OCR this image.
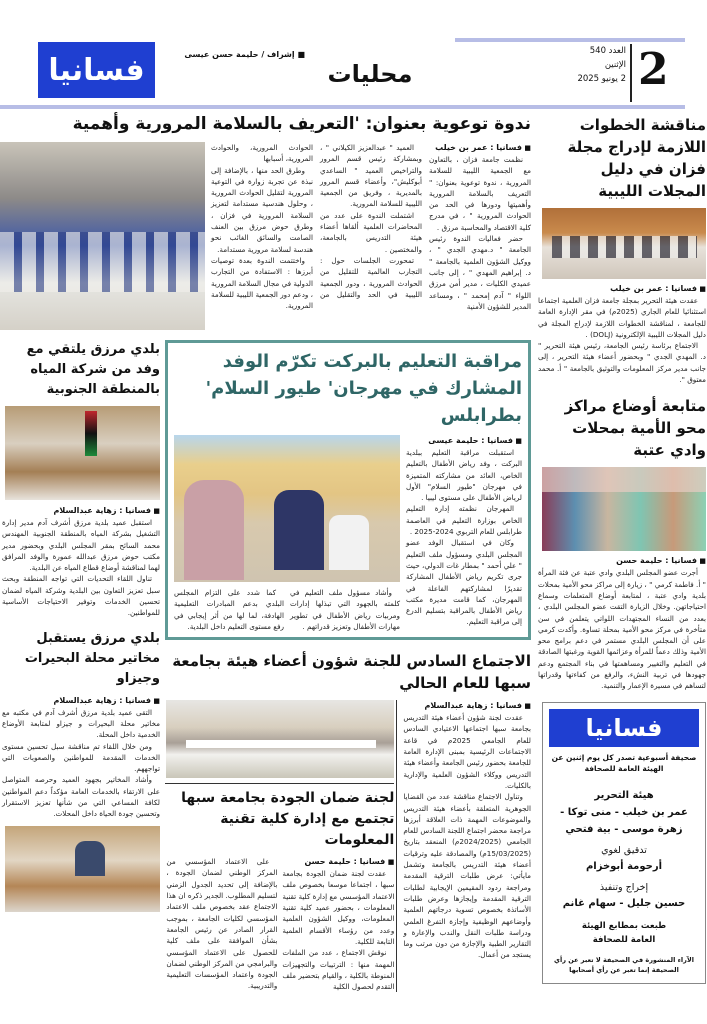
2
العدد 540
الإثنين
2 يونيو 2025
محليات
■ إشراف / حليمة حسن عيسى
فسانيا
مناقشة الخطوات اللازمة لإدراج مجلة فزان في دليل المجلات الليبية

■ فسانيا : عمر بن خيلب

عقدت هيئة التحرير بمجلة جامعة فزان العلمية اجتماعا استثنائيا للعام الجاري (2025م) في مقر الإدارة العامة للجامعة ، لمناقشة الخطوات اللازمة لإدراج المجلة في دليل المجلات الليبية الإلكترونية (DOLJ) .

الاجتماع برئاسة رئيس الجامعة، رئيس هيئة التحرير " د. المهدي الجدي " وبحضور أعضاء هيئة التحرير ، إلى جانب مدير مركز المعلومات والتوثيق بالجامعة " أ. محمد معتوق ".

متابعة أوضاع مراكز محو الأمية بمحلات وادي عتبة

■ فسانيا : حليمة حسن

أجرت عضو المجلس البلدي وادي عتبة عن فئة المرأة " أ. فاطمة كرمي " ، زيارة إلى مراكز محو الأمية بمحلات بلدية وادي عتبة ، لمتابعة أوضاع المتعلمات وسماع احتياجاتهن. وخلال الزيارة التقت عضو المجلس البلدي ، بعدد من النساء المجتهدات اللواتي يتعلمن في سن متأخرة في مركز محو الأمية بمحلة تساوة. وأكدت كرمي على أن المجلس البلدي مستمر في دعم برامج محو الأمية وذلك دعماً للمرأة وعزائمها القوية ورغبتها الصادقة في التعليم والتغيير ومساهمتها في بناء المجتمع ودعم جهودها في تربية النشء، والرفع من كفاءتها وقدراتها لتساهم في مسيرة الإعمار والتنمية.

فسانيا
صحيفة أسبوعية تصدر كل يوم إثنين عن الهيئة العامة للصحافة
هيئة التحرير
عمر بن خيلب - منى توكا -
زهرة موسى - بية فتحي
تدقيق لغوي
أرحومة أبوخزام
إخراج وتنفيذ
حسين جليل - سهام غانم
طبعت بمطابع الهيئة
العامة للصحافة
الآراء المنشورة في الصحيفة لا تعبر عن رأي الصحيفة إنما تعبر عن رأي أصحابها
ندوة توعوية بعنوان: 'التعريف بالسلامة المرورية وأهمية

■ فسانيا : عمر بن خيلب

نظمت جامعة فزان ، بالتعاون مع الجمعية الليبية للسلامة المرورية ، ندوة توعوية بعنوان: " التعريف بالسلامة المرورية وأهميتها ودورها في الحد من الحوادث المرورية " ، في مدرج كلية الاقتصاد والمحاسبة مرزق .

حضر فعاليات الندوة رئيس الجامعة " د.مهدي الجدي " ، ووكيل الشؤون العلمية بالجامعة " د. إبراهيم المهدي " ، إلى جانب عميدي الكليات ، مدير أمن مرزق اللواء " آدم إمحمد " ، ومساعد المدير للشؤون الأمنية

العميد " عبدالعزيز الكيلاني " ، وبمشاركة رئيس قسم المرور والتراخيص العميد " الساعدي أبوكليش"، وأعضاء قسم المرور بالمديرية ، وفريق من الجمعية الليبية للسلامة المرورية.

اشتملت الندوة على عدد من المحاضرات العلمية ألقاها أعضاء هيئة التدريس بالجامعة، والمختصين .

تمحورت الجلسات حول : التجارب العالمية للتقليل من الحوادث المرورية ، ودور الجمعية الليبية في الحد والتقليل من الحوادث المرورية، والحوادث المرورية، أسبابها

وطرق الحد منها ، بالإضافة إلى نبذة عن تجربة زوارة في التوعية المرورية لتقليل الحوادث المرورية ، وحلول هندسية مستدامة لتعزيز السلامة المرورية في فزان ، وطرق حوض مرزق بين العنف الصامت والسائق الغائب نحو هندسة لسلامة مرورية مستدامة.

واختتمت الندوة بعدة توصيات أبرزها : الاستفادة من التجارب الدولية في مجال السلامة المرورية ، ودعم دور الجمعية الليبية للسلامة المرورية.

مراقبة التعليم بالبركت تكرّم الوفد المشارك في مهرجان' طيور السلام' بطرابلس

■ فسانيا : حليمة عيسى

استقبلت مراقبة التعليم ببلدية البركت ، وفد رياض الأطفال بالتعليم الخاص، العائد من مشاركته المتميزة في مهرجان "طيور السلام" الأول لرياض الأطفال على مستوى ليبيا .

المهرجان نظمته إدارة التعليم الخاص بوزارة التعليم في العاصمة طرابلس للعام التربوي 2024-2025 .

وكان في استقبال الوفد عضو المجلس البلدي ومسؤول ملف التعليم " علي أحمد " بمطار غات الدولي، حيث جرى تكريم رياض الأطفال المشاركة تقديرًا لمشاركتهم الفاعلة في المهرجان، كما قامت مديرة مكتب رياض الأطفال بالمراقبة بتسليم الدرع إلى مراقبة التعليم.

وأشاد مسؤول ملف التعليم في كلمته بالجهود التي تبذلها إدارات ومربيات رياض الأطفال في تطوير مهارات الأطفال وتعزيز قدراتهم .

كما شدد على التزام المجلس البلدي بدعم المبادرات التعليمية الهادفة، لما لها من أثر إيجابي في رفع مستوى التعليم داخل البلدية.

الاجتماع السادس للجنة شؤون أعضاء هيئة بجامعة سبها للعام الحالي

■ فسانيا : زهاية عبدالسلام

عقدت لجنة شؤون أعضاء هيئة التدريس بجامعة سبها اجتماعها الاعتيادي السادس للعام الجامعي 2025م في قاعة الاجتماعات الرئيسية بمبنى الإدارة العامة للجامعة بحضور رئيس الجامعة وأعضاء هيئة التدريس ووكلاء الشؤون العلمية والإدارية بالكليات.

وتناول الاجتماع مناقشة عدد من القضايا الجوهرية المتعلقة بأعضاء هيئة التدريس والموضوعات المهمة ذات العلاقة أبرزها مراجعة محضر اجتماع اللجنة السادس للعام الجامعي (2024/2025م) المنعقد بتاريخ (15/03/2025م) والمصادقة عليه وترقيات أعضاء هيئة التدريس بالجامعة وتشمل مايأتي: عرض طلبات الترقية المقدمة ومراجعة ردود المقيمين الإيجابية لطلبات الترقية المقدمة وإيجازها وعرض طلبات الأساتذة بخصوص تسوية درجاتهم العلمية وأوضاعهم الوظيفية وإجازة التفرغ العلمي ودراسة طلبات النقل والندب والإعارة و التقارير الطبية والإجازة من دون مرتب وما يستجد من أعمال.

لجنة ضمان الجودة بجامعة سبها تجتمع مع إدارة كلية تقنية المعلومات

■ فسانيا : حليمة حسن

عقدت لجنة ضمان الجودة بجامعة سبها ، اجتماعا موسعا بخصوص ملف الاعتماد المؤسسي مع إدارة كلية تقنية المعلومات ، بحضور عميد كلية تقنية المعلومات، ووكيل الشؤون العلمية وعدد من رؤساء الأقسام العلمية التابعة للكلية.

نوقش الاجتماع ، عدد من الملفات المهمة منها : الترتيبات والتجهيزات المنوطة بالكلية ، والقيام بتحضير ملف التقدم لحصول الكلية

على الاعتماد المؤسسي من المركز الوطني لضمان الجودة ، بالإضافة إلى تحديد الجدول الزمني لتسليم المطلوب. الجدير ذكره ان هذا الاجتماع عقد بخصوص ملف الاعتماد المؤسسي لكليات الجامعة ، بموجب القرار الصادر عن رئيس الجامعة بشأن الموافقة على ملف كلية للحصول على الاعتماد المؤسسي والبرامجي من المركز الوطني لضمان الجودة واعتماد المؤسسات التعليمية والتدريبية.

بلدي مرزق يلتقي مع وفد من شركة المياه بالمنطقة الجنوبية

■ فسانيا : زهاية عبدالسلام

استقبل عميد بلدية مرزق أشرف آدم مدير إدارة التشغيل بشركة المياه بالمنطقة الجنوبية المهندس محمد السائح بمقر المجلس البلدي وبحضور مدير مكتب حوض مرزق عبدالله عمورة والوفد المرافق لهما لمناقشة أوضاع قطاع المياه عن البلدية.

تناول اللقاء التحديات التي تواجه المنطقة وبحث سبل تعزيز التعاون بين البلدية وشركة المياه لضمان تحسين الخدمات وتوفير الاحتياجات الأساسية للمواطنين.

بلدي مرزق يستقبل مخاتير محلة البحيرات وجيزاو

■ فسانيا : زهاية عبدالسلام

التقى عميد بلدية مرزق أشرف آدم في مكتبه مع مخاتير محلة البحيرات و جيزاو لمتابعة الأوضاع الخدمية داخل المحلة.

ومن خلال اللقاء تم مناقشة سبل تحسين مستوى الخدمات المقدمة للمواطنين والصعوبات التي تواجههم.

وأشاد المخاتير بجهود العميد وحرصه المتواصل على الارتقاء بالخدمات العامة مؤكداً دعم المواطنين لكافة المساعي التي من شأنها تعزيز الاستقرار وتحسين جودة الحياة داخل المحلات.
